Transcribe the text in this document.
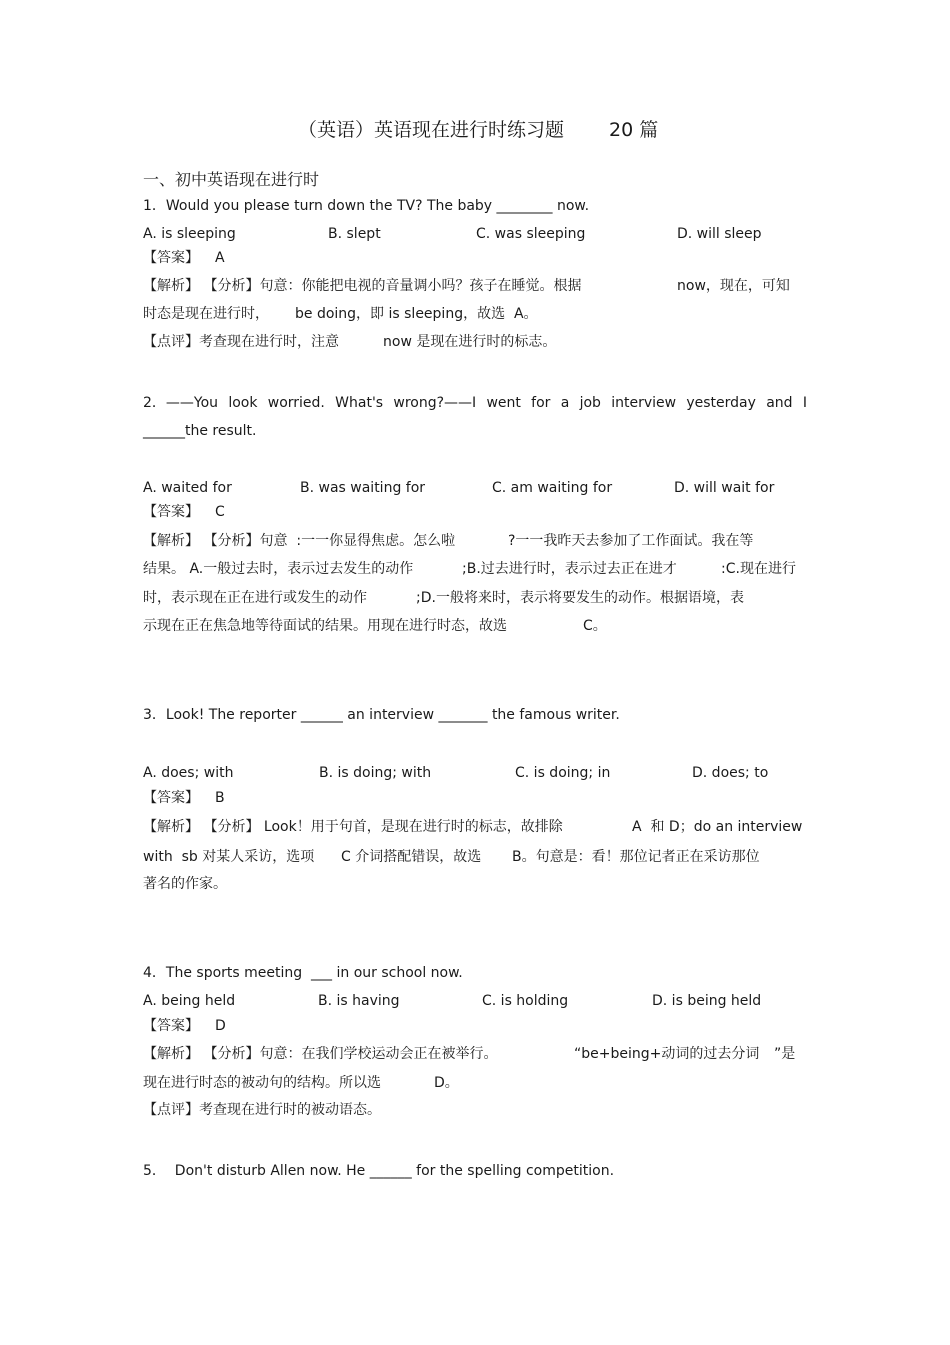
（英语）英语现在进行时练习题 20 篇
一、初中英语现在进行时
1．Would you please turn down the TV? The baby ________ now.
A. is sleeping	B. slept	C. was sleeping	D. will sleep
【答案】 A
【解析】 【分析】句意：你能把电视的音量调小吗？孩子在睡觉。根据	now，现在，可知
时态是现在进行时， be doing，即 is sleeping，故选  A。
【点评】考查现在进行时，注意	now 是现在进行时的标志。
2．——You look worried. What's wrong?——I went for a job interview yesterday and I
______the result.
A. waited for	B. was waiting for	C. am waiting for	D. will wait for
【答案】 C
【解析】 【分析】句意  :一一你显得焦虑。怎么啦	?一一我昨天去参加了工作面试。我在等
结果。 A.一般过去时，表示过去发生的动作	;B.过去进行时，表示过去正在进才	:C.现在进行
时，表示现在正在进行或发生的动作	;D.一般将来时，表示将要发生的动作。根据语境，表
示现在正在焦急地等待面试的结果。用现在进行时态，故选	C。
3．Look! The reporter ______ an interview _______ the famous writer.
A. does; with	B. is doing; with	C. is doing; in	D. does; to
【答案】 B
【解析】 【分析】 Look！用于句首，是现在进行时的标志，故排除	A  和 D；do an interview
with  sb 对某人采访，选项 C 介词搭配错误，故选 B。句意是：看！那位记者正在采访那位
著名的作家。
4．The sports meeting  ___ in our school now.
A. being held	B. is having	C. is holding	D. is being held
【答案】 D
【解析】 【分析】句意：在我们学校运动会正在被举行。	“be+being+动词的过去分词 ”是
现在进行时态的被动句的结构。所以选	D。
【点评】考查现在进行时的被动语态。
5．  Don't disturb Allen now. He ______ for the spelling competition.
